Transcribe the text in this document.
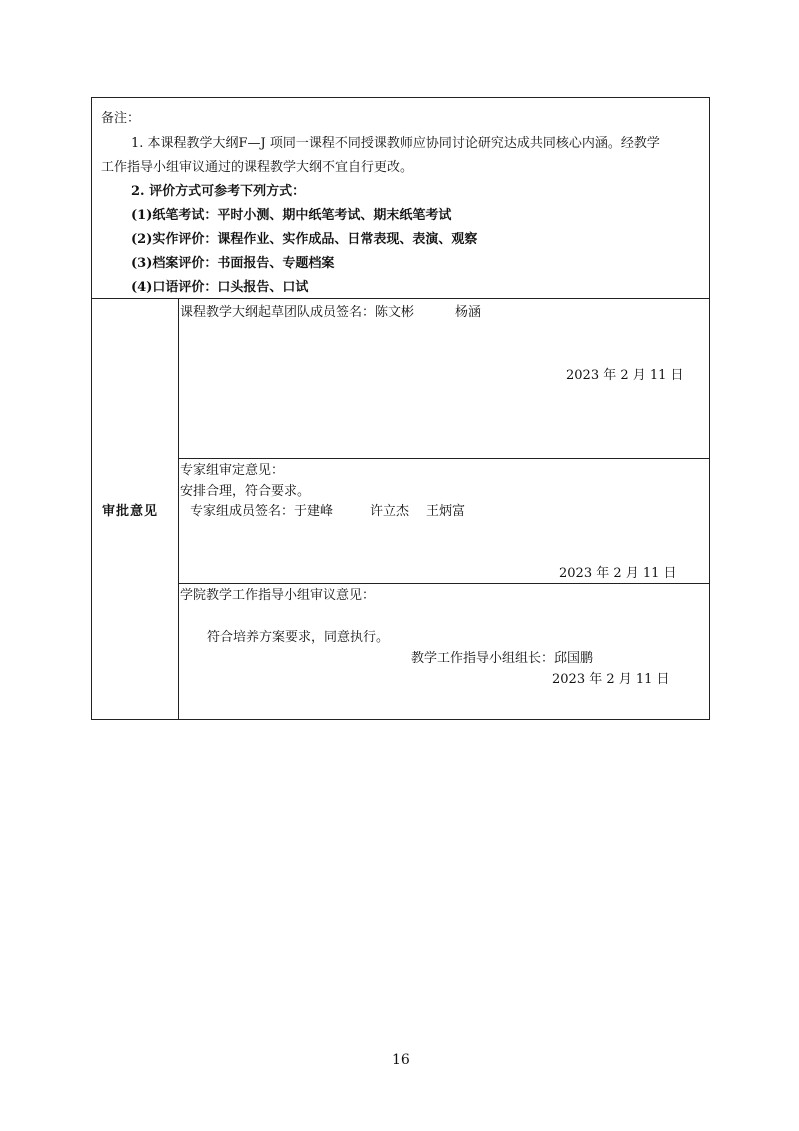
备注：
1. 本课程教学大纲F—J 项同一课程不同授课教师应协同讨论研究达成共同核心内涵。经教学
工作指导小组审议通过的课程教学大纲不宜自行更改。
2. 评价方式可参考下列方式：
(1)纸笔考试：平时小测、期中纸笔考试、期末纸笔考试
(2)实作评价：课程作业、实作成品、日常表现、表演、观察
(3)档案评价：书面报告、专题档案
(4)口语评价：口头报告、口试
审批意见
课程教学大纲起草团队成员签名：陈文彬	杨涵
2023 年 2 月 11 日
专家组审定意见：
安排合理，符合要求。
专家组成员签名：于建峰	许立杰 王炳富
2023 年 2 月 11 日
学院教学工作指导小组审议意见：
符合培养方案要求，同意执行。
教学工作指导小组组长：邱国鹏
2023 年 2 月 11 日
16
